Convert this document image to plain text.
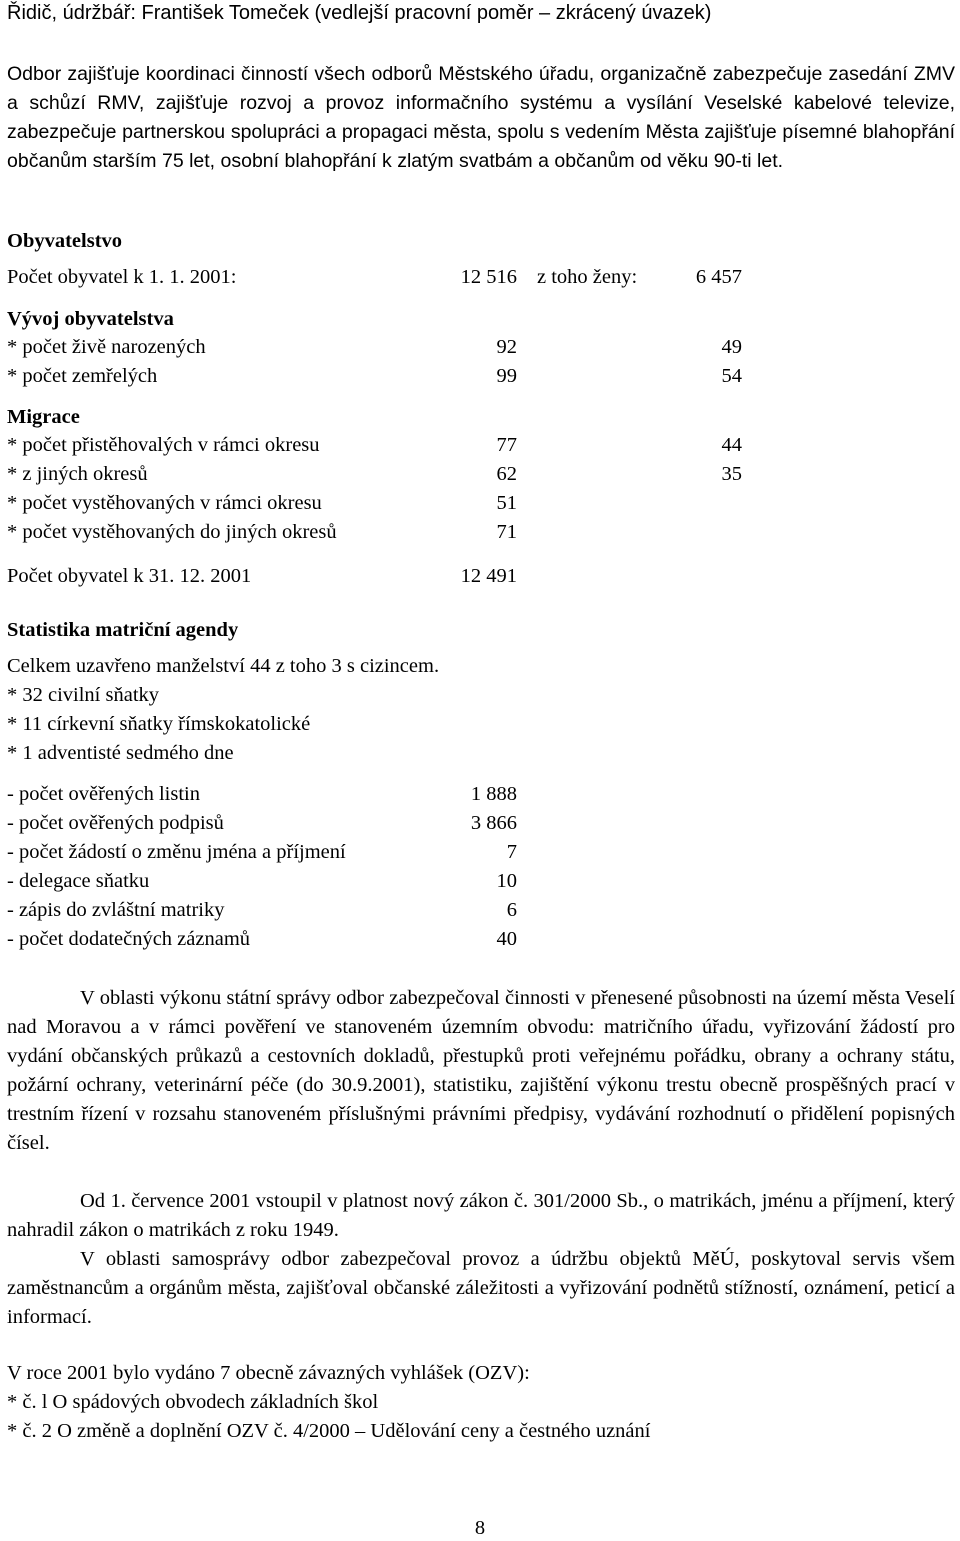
Řidič, údržbář: František Tomeček (vedlejší pracovní poměr – zkrácený úvazek)
Odbor zajišťuje koordinaci činností všech odborů Městského úřadu, organizačně zabezpečuje zasedání ZMV a schůzí RMV, zajišťuje rozvoj a provoz informačního systému a vysílání Veselské kabelové televize, zabezpečuje partnerskou spolupráci a propagaci města, spolu s vedením Města zajišťuje písemné blahopřání občanům starším 75 let, osobní blahopřání k zlatým svatbám a občanům od věku 90-ti let.
Obyvatelstvo
Počet obyvatel k 1. 1. 2001:	12 516 z toho ženy:	6 457
Vývoj obyvatelstva
* počet živě narozených	92	49
* počet zemřelých	99	54
Migrace
* počet přistěhovalých v rámci okresu	77	44
* z jiných okresů	62	35
* počet vystěhovaných v rámci okresu	51
* počet vystěhovaných do jiných okresů	71
Počet obyvatel k 31. 12. 2001	12 491
Statistika matriční agendy
Celkem uzavřeno manželství 44 z toho 3 s cizincem.
* 32 civilní sňatky
* 11 církevní sňatky římskokatolické
* 1 adventisté sedmého dne
- počet ověřených listin	1 888
- počet ověřených podpisů	3 866
- počet žádostí o změnu jména a příjmení	7
- delegace sňatku	10
- zápis do zvláštní matriky	6
- počet dodatečných záznamů	40
V oblasti výkonu státní správy odbor zabezpečoval činnosti v přenesené působnosti na území města Veselí nad Moravou a v rámci pověření ve stanoveném územním obvodu: matričního úřadu, vyřizování žádostí pro vydání občanských průkazů a cestovních dokladů, přestupků proti veřejnému pořádku, obrany a ochrany státu, požární ochrany, veterinární péče (do 30.9.2001), statistiku, zajištění výkonu trestu obecně prospěšných prací v trestním řízení v rozsahu stanoveném příslušnými právními předpisy, vydávání rozhodnutí o přidělení popisných čísel.
Od 1. července 2001 vstoupil v platnost nový zákon č. 301/2000 Sb., o matrikách, jménu a příjmení, který nahradil zákon o matrikách z roku 1949.
V oblasti samosprávy odbor zabezpečoval provoz a údržbu objektů MěÚ, poskytoval servis všem zaměstnancům a orgánům města, zajišťoval občanské záležitosti a vyřizování podnětů stížností, oznámení, peticí a informací.
V roce 2001 bylo vydáno 7 obecně závazných vyhlášek (OZV):
* č. l O spádových obvodech základních škol
* č. 2 O změně a doplnění OZV č. 4/2000 – Udělování ceny a čestného uznání
8
